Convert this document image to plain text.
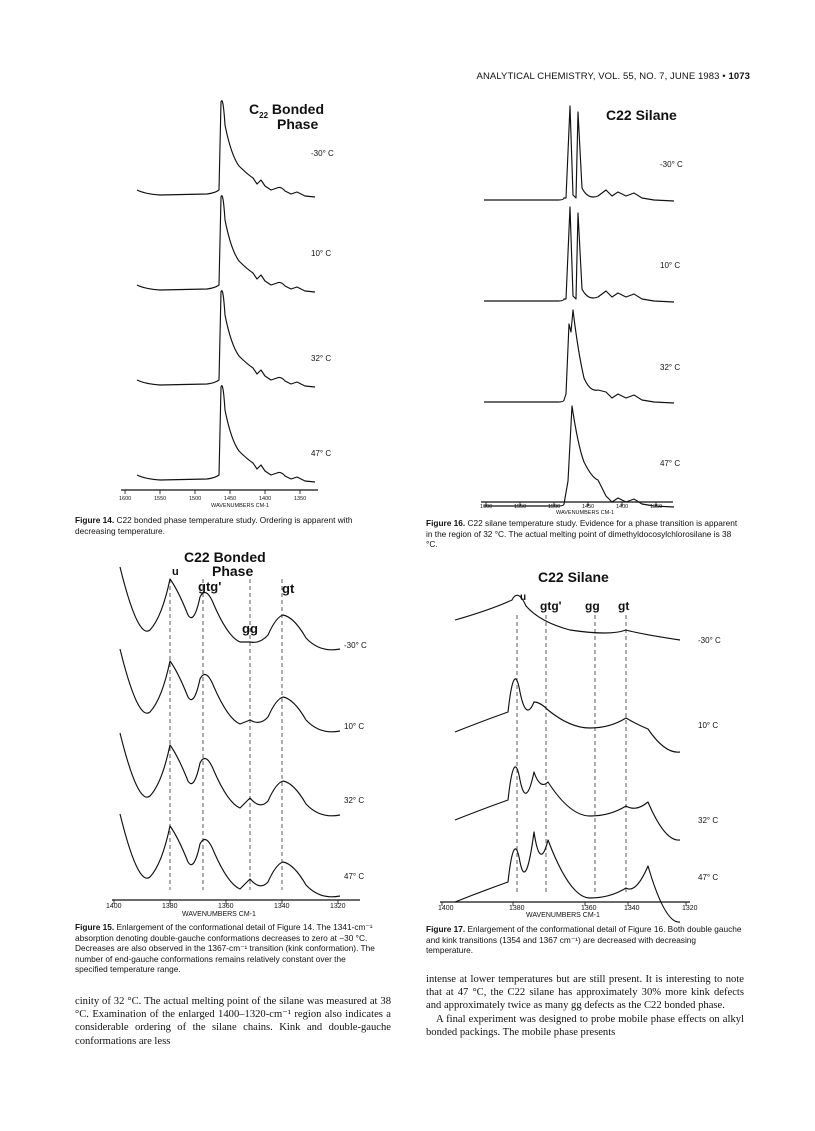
ANALYTICAL CHEMISTRY, VOL. 55, NO. 7, JUNE 1983 • 1073
$C_{22}$ Bonded
Phase
-30° C
10° C
32° C
47° C
1600	1550	1500	1450	1400	1350
WAVENUMBERS CM-1
Figure 14. C22 bonded phase temperature study. Ordering is apparent with decreasing temperature.
C22 Silane
-30° C
10° C
32° C
47° C
1600	1550	1500	1450	1400	1350
WAVENUMBERS CM-1
Figure 16. C22 silane temperature study. Evidence for a phase transition is apparent in the region of 32 °C. The actual melting point of dimethyldocosylchlorosilane is 38 °C.
C22 Bonded
Phase
u
gtg'
gg
gt
-30° C
10° C
32° C
47° C
1400	1380	1360	1340	1320
WAVENUMBERS CM-1
Figure 15. Enlargement of the conformational detail of Figure 14. The 1341-cm⁻¹ absorption denoting double-gauche conformations decreases to zero at −30 °C. Decreases are also observed in the 1367-cm⁻¹ transition (kink conformation). The number of end-gauche conformations remains relatively constant over the specified temperature range.
C22 Silane
u
gtg' gg gt
-30° C
10° C
32° C
47° C
1400	1380	1360	1340	1320
WAVENUMBERS CM-1
Figure 17. Enlargement of the conformational detail of Figure 16. Both double gauche and kink transitions (1354 and 1367 cm⁻¹) are decreased with decreasing temperature.
cinity of 32 °C. The actual melting point of the silane was measured at 38 °C. Examination of the enlarged 1400–1320-cm⁻¹ region also indicates a considerable ordering of the silane chains. Kink and double-gauche conformations are less
intense at lower temperatures but are still present. It is interesting to note that at 47 °C, the C22 silane has approximately 30% more kink defects and approximately twice as many gg defects as the C22 bonded phase.
A final experiment was designed to probe mobile phase effects on alkyl bonded packings. The mobile phase presents
